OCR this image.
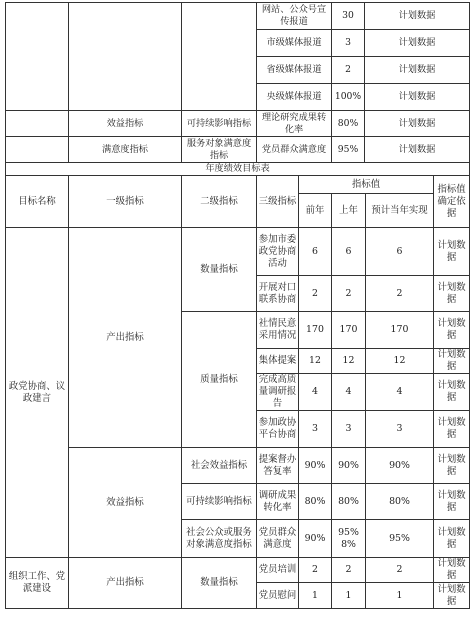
			网站、公众号宣传报道	30	计划数据
			市级媒体报道	3	计划数据
			省级媒体报道	2	计划数据
			央级媒体报道	100%	计划数据
	效益指标	可持续影响指标	理论研究成果转化率	80%	计划数据
	满意度指标	服务对象满意度指标	党员群众满意度	95%	计划数据
年度绩效目标表					
目标名称	一级指标	二级指标	三级指标	指标值			指标值确定依据
				前年	上年	预计当年实现	
政党协商、议政建言	产出指标	数量指标	参加市委政党协商活动	6	6	6	计划数据
			开展对口联系协商	2	2	2	计划数据
		质量指标	社情民意采用情况	170	170	170	计划数据
			集体提案	12	12	12	计划数据
			完成高质量调研报告	4	4	4	计划数据
			参加政协平台协商	3	3	3	计划数据
	效益指标	社会效益指标	提案督办答复率	90%	90%	90%	计划数据
		可持续影响指标	调研成果转化率	80%	80%	80%	计划数据
		社会公众或服务对象满意度指标	党员群众满意度	90%	95%8%	95%	计划数据
组织工作、党派建设	产出指标	数量指标	党员培训	2	2	2	计划数据
			党员慰问	1	1	1	计划数据
